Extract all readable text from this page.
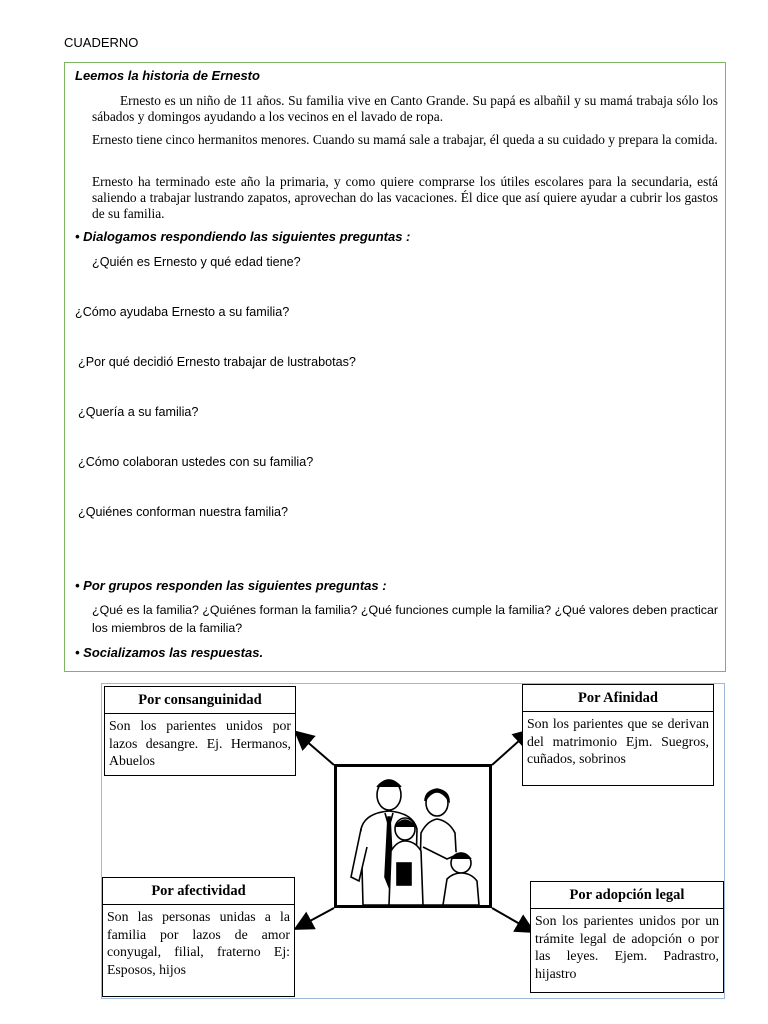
CUADERNO
Leemos la historia de Ernesto
Ernesto es un niño de 11 años. Su familia vive en Canto Grande. Su papá es albañil y su mamá trabaja sólo los sábados y domingos ayudando a los vecinos en el lavado de ropa.
Ernesto tiene cinco hermanitos menores. Cuando su mamá sale a trabajar, él queda a su cuidado y prepara la comida.
Ernesto ha terminado este año la primaria, y como quiere comprarse los útiles escolares para la secundaria, está saliendo a trabajar lustrando zapatos, aprovechan do las vacaciones. Él dice que así quiere ayudar a cubrir los gastos de su familia.
• Dialogamos respondiendo las siguientes preguntas :
¿Quién es Ernesto y qué edad tiene?
¿Cómo ayudaba Ernesto a su familia?
¿Por qué decidió Ernesto trabajar de lustrabotas?
¿Quería a su familia?
¿Cómo colaboran ustedes con su familia?
¿Quiénes conforman nuestra familia?
• Por grupos responden las siguientes preguntas :
¿Qué es la familia? ¿Quiénes forman la familia? ¿Qué funciones cumple la familia? ¿Qué valores deben practicar los miembros de la familia?
• Socializamos las respuestas.
Por consanguinidad
Son los parientes unidos por lazos desangre. Ej. Hermanos, Abuelos
Por Afinidad
Son los parientes que se derivan del matrimonio Ejm. Suegros, cuñados, sobrinos
Por afectividad
Son las personas unidas a la familia por lazos de amor conyugal, filial, fraterno Ej: Esposos, hijos
Por adopción legal
Son los parientes unidos por un trámite legal de adopción o por las leyes. Ejem. Padrastro, hijastro
